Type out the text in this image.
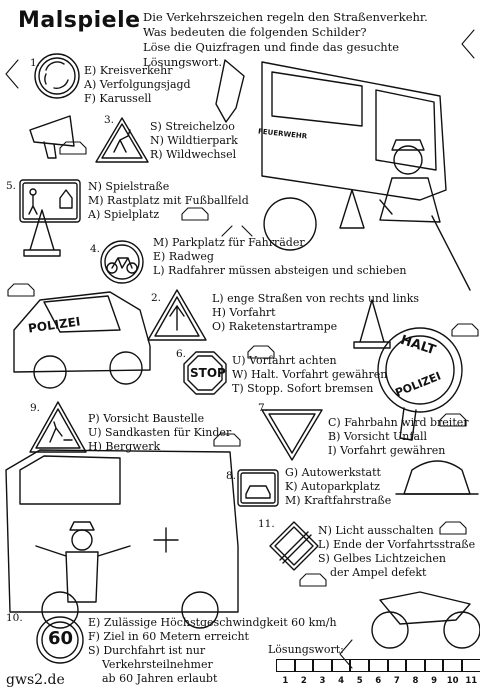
FEUERWEHR
POLIZEI
STOP
HALT
POLIZEI
60
Malspiele Die Verkehrszeichen regeln den Straßenverkehr.
Was bedeuten die folgenden Schilder?
Löse die Quizfragen und finde das gesuchte Lösungswort.
1.
E) Kreisverkehr
A) Verfolgungsjagd
F) Karussell
3.	S) Streichelzoo
N) Wildtierpark
R) Wildwechsel
5.	N) Spielstraße
M) Rastplatz mit Fußballfeld
A) Spielplatz
4.	M) Parkplatz für Fahrräder
E) Radweg
L) Radfahrer müssen absteigen und schieben
2.	L) enge Straßen von rechts und links
H) Vorfahrt
O) Raketenstartrampe
6.	U) Vorfahrt achten
W) Halt. Vorfahrt gewähren
T) Stopp. Sofort bremsen
9.
P) Vorsicht Baustelle
U) Sandkasten für Kinder
H) Bergwerk
7.
C) Fahrbahn wird breiter
B) Vorsicht Unfall
I) Vorfahrt gewähren
8.	G) Autowerkstatt
K) Autoparkplatz
M) Kraftfahrstraße
11.	N) Licht ausschalten
L) Ende der Vorfahrtsstraße
S) Gelbes Lichtzeichen
der Ampel defekt
10.	E) Zulässige Höchstgeschwindgkeit 60 km/h
F) Ziel in 60 Metern erreicht
S) Durchfahrt ist nur
Verkehrsteilnehmer
ab 60 Jahren erlaubt
Lösungswort:
1	2	3	4	5	6	7	8	9	10 11
gws2.de
